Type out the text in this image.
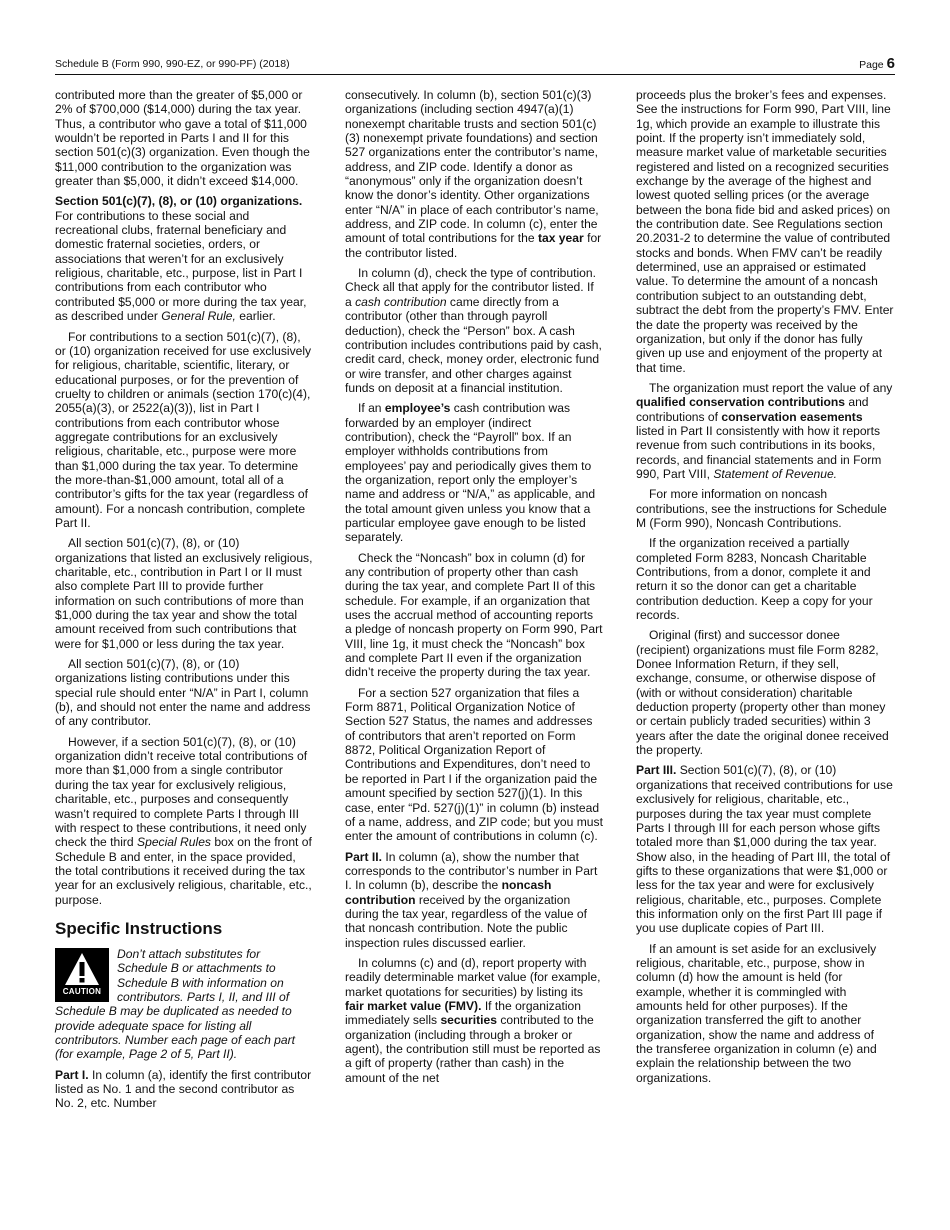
Schedule B (Form 990, 990-EZ, or 990-PF) (2018)	Page 6

contributed more than the greater of $5,000 or 2% of $700,000 ($14,000) during the tax year. Thus, a contributor who gave a total of $11,000 wouldn’t be reported in Parts I and II for this section 501(c)(3) organization. Even though the $11,000 contribution to the organization was greater than $5,000, it didn’t exceed $14,000.

Section 501(c)(7), (8), or (10) organizations. For contributions to these social and recreational clubs, fraternal beneficiary and domestic fraternal societies, orders, or associations that weren’t for an exclusively religious, charitable, etc., purpose, list in Part I contributions from each contributor who contributed $5,000 or more during the tax year, as described under General Rule, earlier.

For contributions to a section 501(c)(7), (8), or (10) organization received for use exclusively for religious, charitable, scientific, literary, or educational purposes, or for the prevention of cruelty to children or animals (section 170(c)(4), 2055(a)(3), or 2522(a)(3)), list in Part I contributions from each contributor whose aggregate contributions for an exclusively religious, charitable, etc., purpose were more than $1,000 during the tax year. To determine the more-than-$1,000 amount, total all of a contributor’s gifts for the tax year (regardless of amount). For a noncash contribution, complete Part II.

All section 501(c)(7), (8), or (10) organizations that listed an exclusively religious, charitable, etc., contribution in Part I or II must also complete Part III to provide further information on such contributions of more than $1,000 during the tax year and show the total amount received from such contributions that were for $1,000 or less during the tax year.

All section 501(c)(7), (8), or (10) organizations listing contributions under this special rule should enter “N/A” in Part I, column (b), and should not enter the name and address of any contributor.

However, if a section 501(c)(7), (8), or (10) organization didn’t receive total contributions of more than $1,000 from a single contributor during the tax year for exclusively religious, charitable, etc., purposes and consequently wasn’t required to complete Parts I through III with respect to these contributions, it need only check the third Special Rules box on the front of Schedule B and enter, in the space provided, the total contributions it received during the tax year for an exclusively religious, charitable, etc., purpose.

Specific Instructions

CAUTION
Don’t attach substitutes for Schedule B or attachments to Schedule B with information on contributors. Parts I, II, and III of Schedule B may be duplicated as needed to provide adequate space for listing all contributors. Number each page of each part (for example, Page 2 of 5, Part II).

Part I. In column (a), identify the first contributor listed as No. 1 and the second contributor as No. 2, etc. Number

consecutively. In column (b), section 501(c)(3) organizations (including section 4947(a)(1) nonexempt charitable trusts and section 501(c)(3) nonexempt private foundations) and section 527 organizations enter the contributor’s name, address, and ZIP code. Identify a donor as “anonymous” only if the organization doesn’t know the donor’s identity. Other organizations enter “N/A” in place of each contributor’s name, address, and ZIP code. In column (c), enter the amount of total contributions for the tax year for the contributor listed.

In column (d), check the type of contribution. Check all that apply for the contributor listed. If a cash contribution came directly from a contributor (other than through payroll deduction), check the “Person” box. A cash contribution includes contributions paid by cash, credit card, check, money order, electronic fund or wire transfer, and other charges against funds on deposit at a financial institution.

If an employee’s cash contribution was forwarded by an employer (indirect contribution), check the “Payroll” box. If an employer withholds contributions from employees’ pay and periodically gives them to the organization, report only the employer’s name and address or “N/A,” as applicable, and the total amount given unless you know that a particular employee gave enough to be listed separately.

Check the “Noncash” box in column (d) for any contribution of property other than cash during the tax year, and complete Part II of this schedule. For example, if an organization that uses the accrual method of accounting reports a pledge of noncash property on Form 990, Part VIII, line 1g, it must check the “Noncash” box and complete Part II even if the organization didn’t receive the property during the tax year.

For a section 527 organization that files a Form 8871, Political Organization Notice of Section 527 Status, the names and addresses of contributors that aren’t reported on Form 8872, Political Organization Report of Contributions and Expenditures, don’t need to be reported in Part I if the organization paid the amount specified by section 527(j)(1). In this case, enter “Pd. 527(j)(1)” in column (b) instead of a name, address, and ZIP code; but you must enter the amount of contributions in column (c).

Part II. In column (a), show the number that corresponds to the contributor’s number in Part I. In column (b), describe the noncash contribution received by the organization during the tax year, regardless of the value of that noncash contribution. Note the public inspection rules discussed earlier.

In columns (c) and (d), report property with readily determinable market value (for example, market quotations for securities) by listing its fair market value (FMV). If the organization immediately sells securities contributed to the organization (including through a broker or agent), the contribution still must be reported as a gift of property (rather than cash) in the amount of the net

proceeds plus the broker’s fees and expenses. See the instructions for Form 990, Part VIII, line 1g, which provide an example to illustrate this point. If the property isn’t immediately sold, measure market value of marketable securities registered and listed on a recognized securities exchange by the average of the highest and lowest quoted selling prices (or the average between the bona fide bid and asked prices) on the contribution date. See Regulations section 20.2031-2 to determine the value of contributed stocks and bonds. When FMV can’t be readily determined, use an appraised or estimated value. To determine the amount of a noncash contribution subject to an outstanding debt, subtract the debt from the property’s FMV. Enter the date the property was received by the organization, but only if the donor has fully given up use and enjoyment of the property at that time.

The organization must report the value of any qualified conservation contributions and contributions of conservation easements listed in Part II consistently with how it reports revenue from such contributions in its books, records, and financial statements and in Form 990, Part VIII, Statement of Revenue.

For more information on noncash contributions, see the instructions for Schedule M (Form 990), Noncash Contributions.

If the organization received a partially completed Form 8283, Noncash Charitable Contributions, from a donor, complete it and return it so the donor can get a charitable contribution deduction. Keep a copy for your records.

Original (first) and successor donee (recipient) organizations must file Form 8282, Donee Information Return, if they sell, exchange, consume, or otherwise dispose of (with or without consideration) charitable deduction property (property other than money or certain publicly traded securities) within 3 years after the date the original donee received the property.

Part III. Section 501(c)(7), (8), or (10) organizations that received contributions for use exclusively for religious, charitable, etc., purposes during the tax year must complete Parts I through III for each person whose gifts totaled more than $1,000 during the tax year. Show also, in the heading of Part III, the total of gifts to these organizations that were $1,000 or less for the tax year and were for exclusively religious, charitable, etc., purposes. Complete this information only on the first Part III page if you use duplicate copies of Part III.

If an amount is set aside for an exclusively religious, charitable, etc., purpose, show in column (d) how the amount is held (for example, whether it is commingled with amounts held for other purposes). If the organization transferred the gift to another organization, show the name and address of the transferee organization in column (e) and explain the relationship between the two organizations.
